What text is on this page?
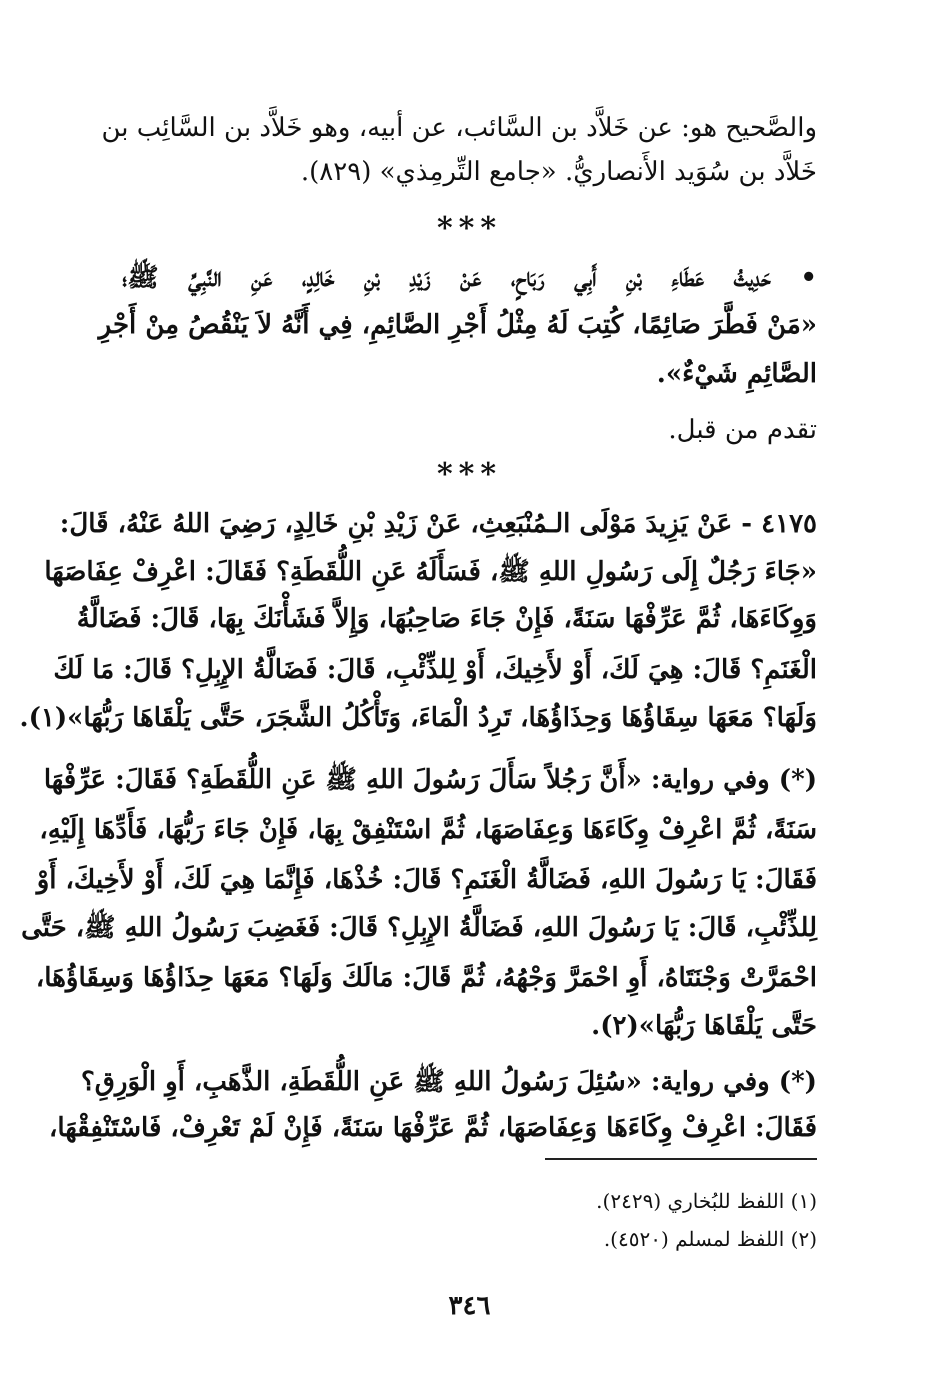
والصَّحيح هو: عن خَلاَّد بن السَّائب، عن أبيه، وهو خَلاَّد بن السَّائِب بن
خَلاَّد بن سُوَيد الأَنصاريُّ. «جامع التِّرمِذي» (٨٢٩).
***
• حَدِيثُ عَطَاءِ بْنِ أَبِي رَبَاحٍ، عَنْ زَيْدِ بْنِ خَالِدٍ، عَنِ النَّبِيِّ ﷺ؛
«مَنْ فَطَّرَ صَائِمًا، كُتِبَ لَهُ مِثْلُ أَجْرِ الصَّائِمِ، فِي أَنَّهُ لاَ يَنْقُصُ مِنْ أَجْرِ
الصَّائِمِ شَيْءٌ».
تقدم من قبل.
***
٤١٧٥ - عَنْ يَزِيدَ مَوْلَى الـمُنْبَعِثِ، عَنْ زَيْدِ بْنِ خَالِدٍ، رَضِيَ اللهُ عَنْهُ، قَالَ:
«جَاءَ رَجُلٌ إِلَى رَسُولِ اللهِ ﷺ، فَسَأَلَهُ عَنِ اللُّقَطَةِ؟ فَقَالَ: اعْرِفْ عِفَاصَهَا
وَوِكَاءَهَا، ثُمَّ عَرِّفْهَا سَنَةً، فَإِنْ جَاءَ صَاحِبُهَا، وَإِلاَّ فَشَأْنَكَ بِهَا، قَالَ: فَضَالَّةُ
الْغَنَمِ؟ قَالَ: هِيَ لَكَ، أَوْ لأَخِيكَ، أَوْ لِلذِّئْبِ، قَالَ: فَضَالَّةُ الإِبِلِ؟ قَالَ: مَا لَكَ
وَلَهَا؟ مَعَهَا سِقَاؤُهَا وَحِذَاؤُهَا، تَرِدُ الْمَاءَ، وَتَأْكُلُ الشَّجَرَ، حَتَّى يَلْقَاهَا رَبُّهَا»(١).
(*) وفي رواية: «أَنَّ رَجُلاً سَأَلَ رَسُولَ اللهِ ﷺ عَنِ اللُّقَطَةِ؟ فَقَالَ: عَرِّفْهَا
سَنَةً، ثُمَّ اعْرِفْ وِكَاءَهَا وَعِفَاصَهَا، ثُمَّ اسْتَنْفِقْ بِهَا، فَإِنْ جَاءَ رَبُّهَا، فَأَدِّهَا إِلَيْهِ،
فَقَالَ: يَا رَسُولَ اللهِ، فَضَالَّةُ الْغَنَمِ؟ قَالَ: خُذْهَا، فَإِنَّمَا هِيَ لَكَ، أَوْ لأَخِيكَ، أَوْ
لِلذِّئْبِ، قَالَ: يَا رَسُولَ اللهِ، فَضَالَّةُ الإِبِلِ؟ قَالَ: فَغَضِبَ رَسُولُ اللهِ ﷺ، حَتَّى
احْمَرَّتْ وَجْنَتَاهُ، أَوِ احْمَرَّ وَجْهُهُ، ثُمَّ قَالَ: مَالَكَ وَلَهَا؟ مَعَهَا حِذَاؤُهَا وَسِقَاؤُهَا،
حَتَّى يَلْقَاهَا رَبُّهَا»(٢).
(*) وفي رواية: «سُئِلَ رَسُولُ اللهِ ﷺ عَنِ اللُّقَطَةِ، الذَّهَبِ، أَوِ الْوَرِقِ؟
فَقَالَ: اعْرِفْ وِكَاءَهَا وَعِفَاصَهَا، ثُمَّ عَرِّفْهَا سَنَةً، فَإِنْ لَمْ تَعْرِفْ، فَاسْتَنْفِقْهَا،
(١) اللفظ للبُخاري (٢٤٢٩).
(٢) اللفظ لمسلم (٤٥٢٠).
٣٤٦
